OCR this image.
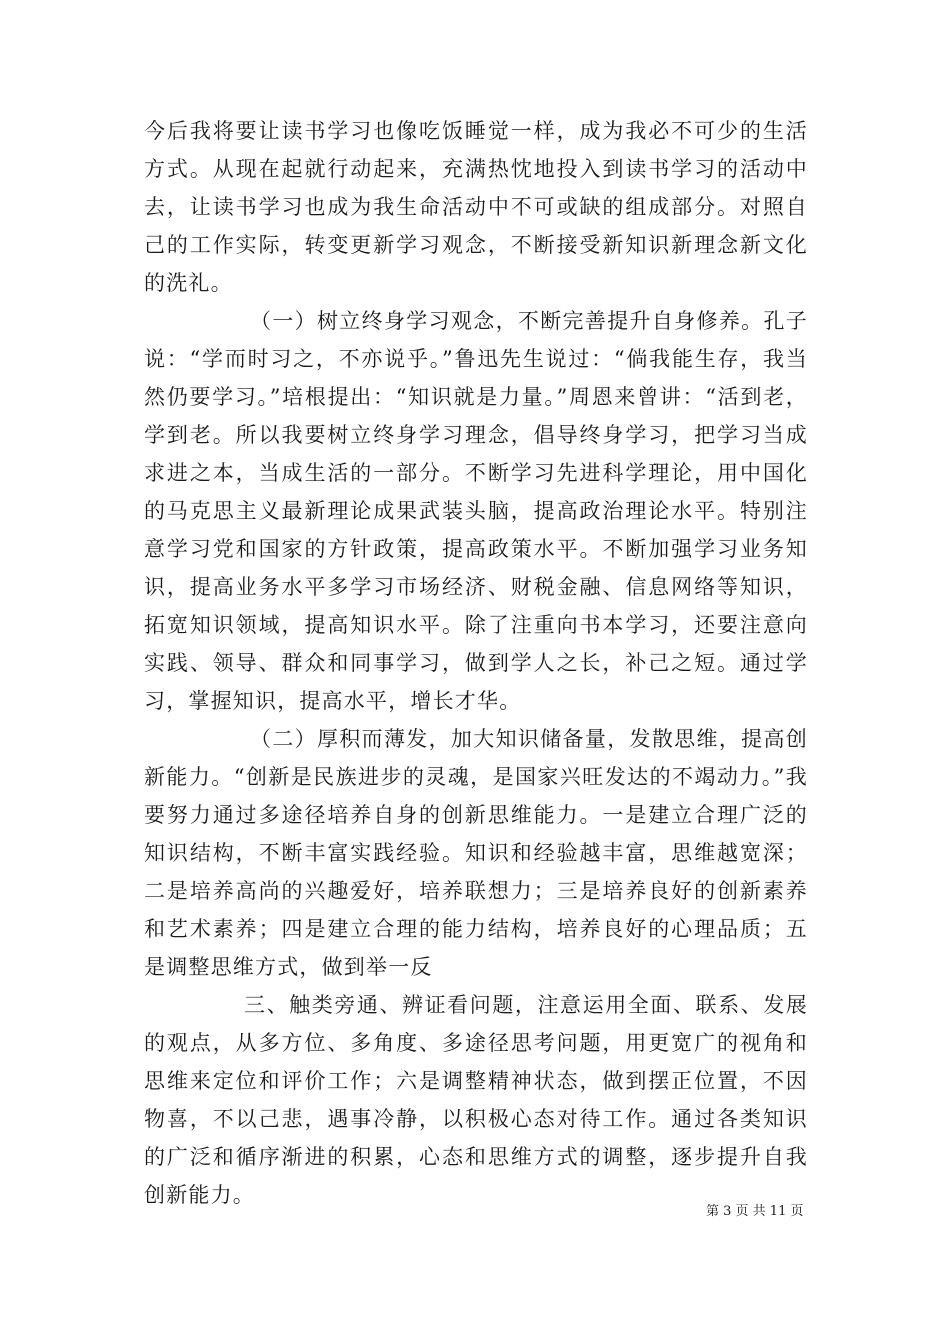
今后我将要让读书学习也像吃饭睡觉一样，成为我必不可少的生活方式。从现在起就行动起来，充满热忱地投入到读书学习的活动中去，让读书学习也成为我生命活动中不可或缺的组成部分。对照自己的工作实际，转变更新学习观念，不断接受新知识新理念新文化的洗礼。

（一）树立终身学习观念，不断完善提升自身修养。孔子说：“学而时习之，不亦说乎。”鲁迅先生说过：“倘我能生存，我当然仍要学习。”培根提出：“知识就是力量。”周恩来曾讲：“活到老，学到老。所以我要树立终身学习理念，倡导终身学习，把学习当成求进之本，当成生活的一部分。不断学习先进科学理论，用中国化的马克思主义最新理论成果武装头脑，提高政治理论水平。特别注意学习党和国家的方针政策，提高政策水平。不断加强学习业务知识，提高业务水平多学习市场经济、财税金融、信息网络等知识，拓宽知识领域，提高知识水平。除了注重向书本学习，还要注意向实践、领导、群众和同事学习，做到学人之长，补己之短。通过学习，掌握知识，提高水平，增长才华。

（二）厚积而薄发，加大知识储备量，发散思维，提高创新能力。“创新是民族进步的灵魂，是国家兴旺发达的不竭动力。”我要努力通过多途径培养自身的创新思维能力。一是建立合理广泛的知识结构，不断丰富实践经验。知识和经验越丰富，思维越宽深；二是培养高尚的兴趣爱好，培养联想力；三是培养良好的创新素养和艺术素养；四是建立合理的能力结构，培养良好的心理品质；五是调整思维方式，做到举一反

三、触类旁通、辨证看问题，注意运用全面、联系、发展的观点，从多方位、多角度、多途径思考问题，用更宽广的视角和思维来定位和评价工作；六是调整精神状态，做到摆正位置，不因物喜，不以己悲，遇事冷静，以积极心态对待工作。通过各类知识的广泛和循序渐进的积累，心态和思维方式的调整，逐步提升自我创新能力。

第 3 页 共 11 页
